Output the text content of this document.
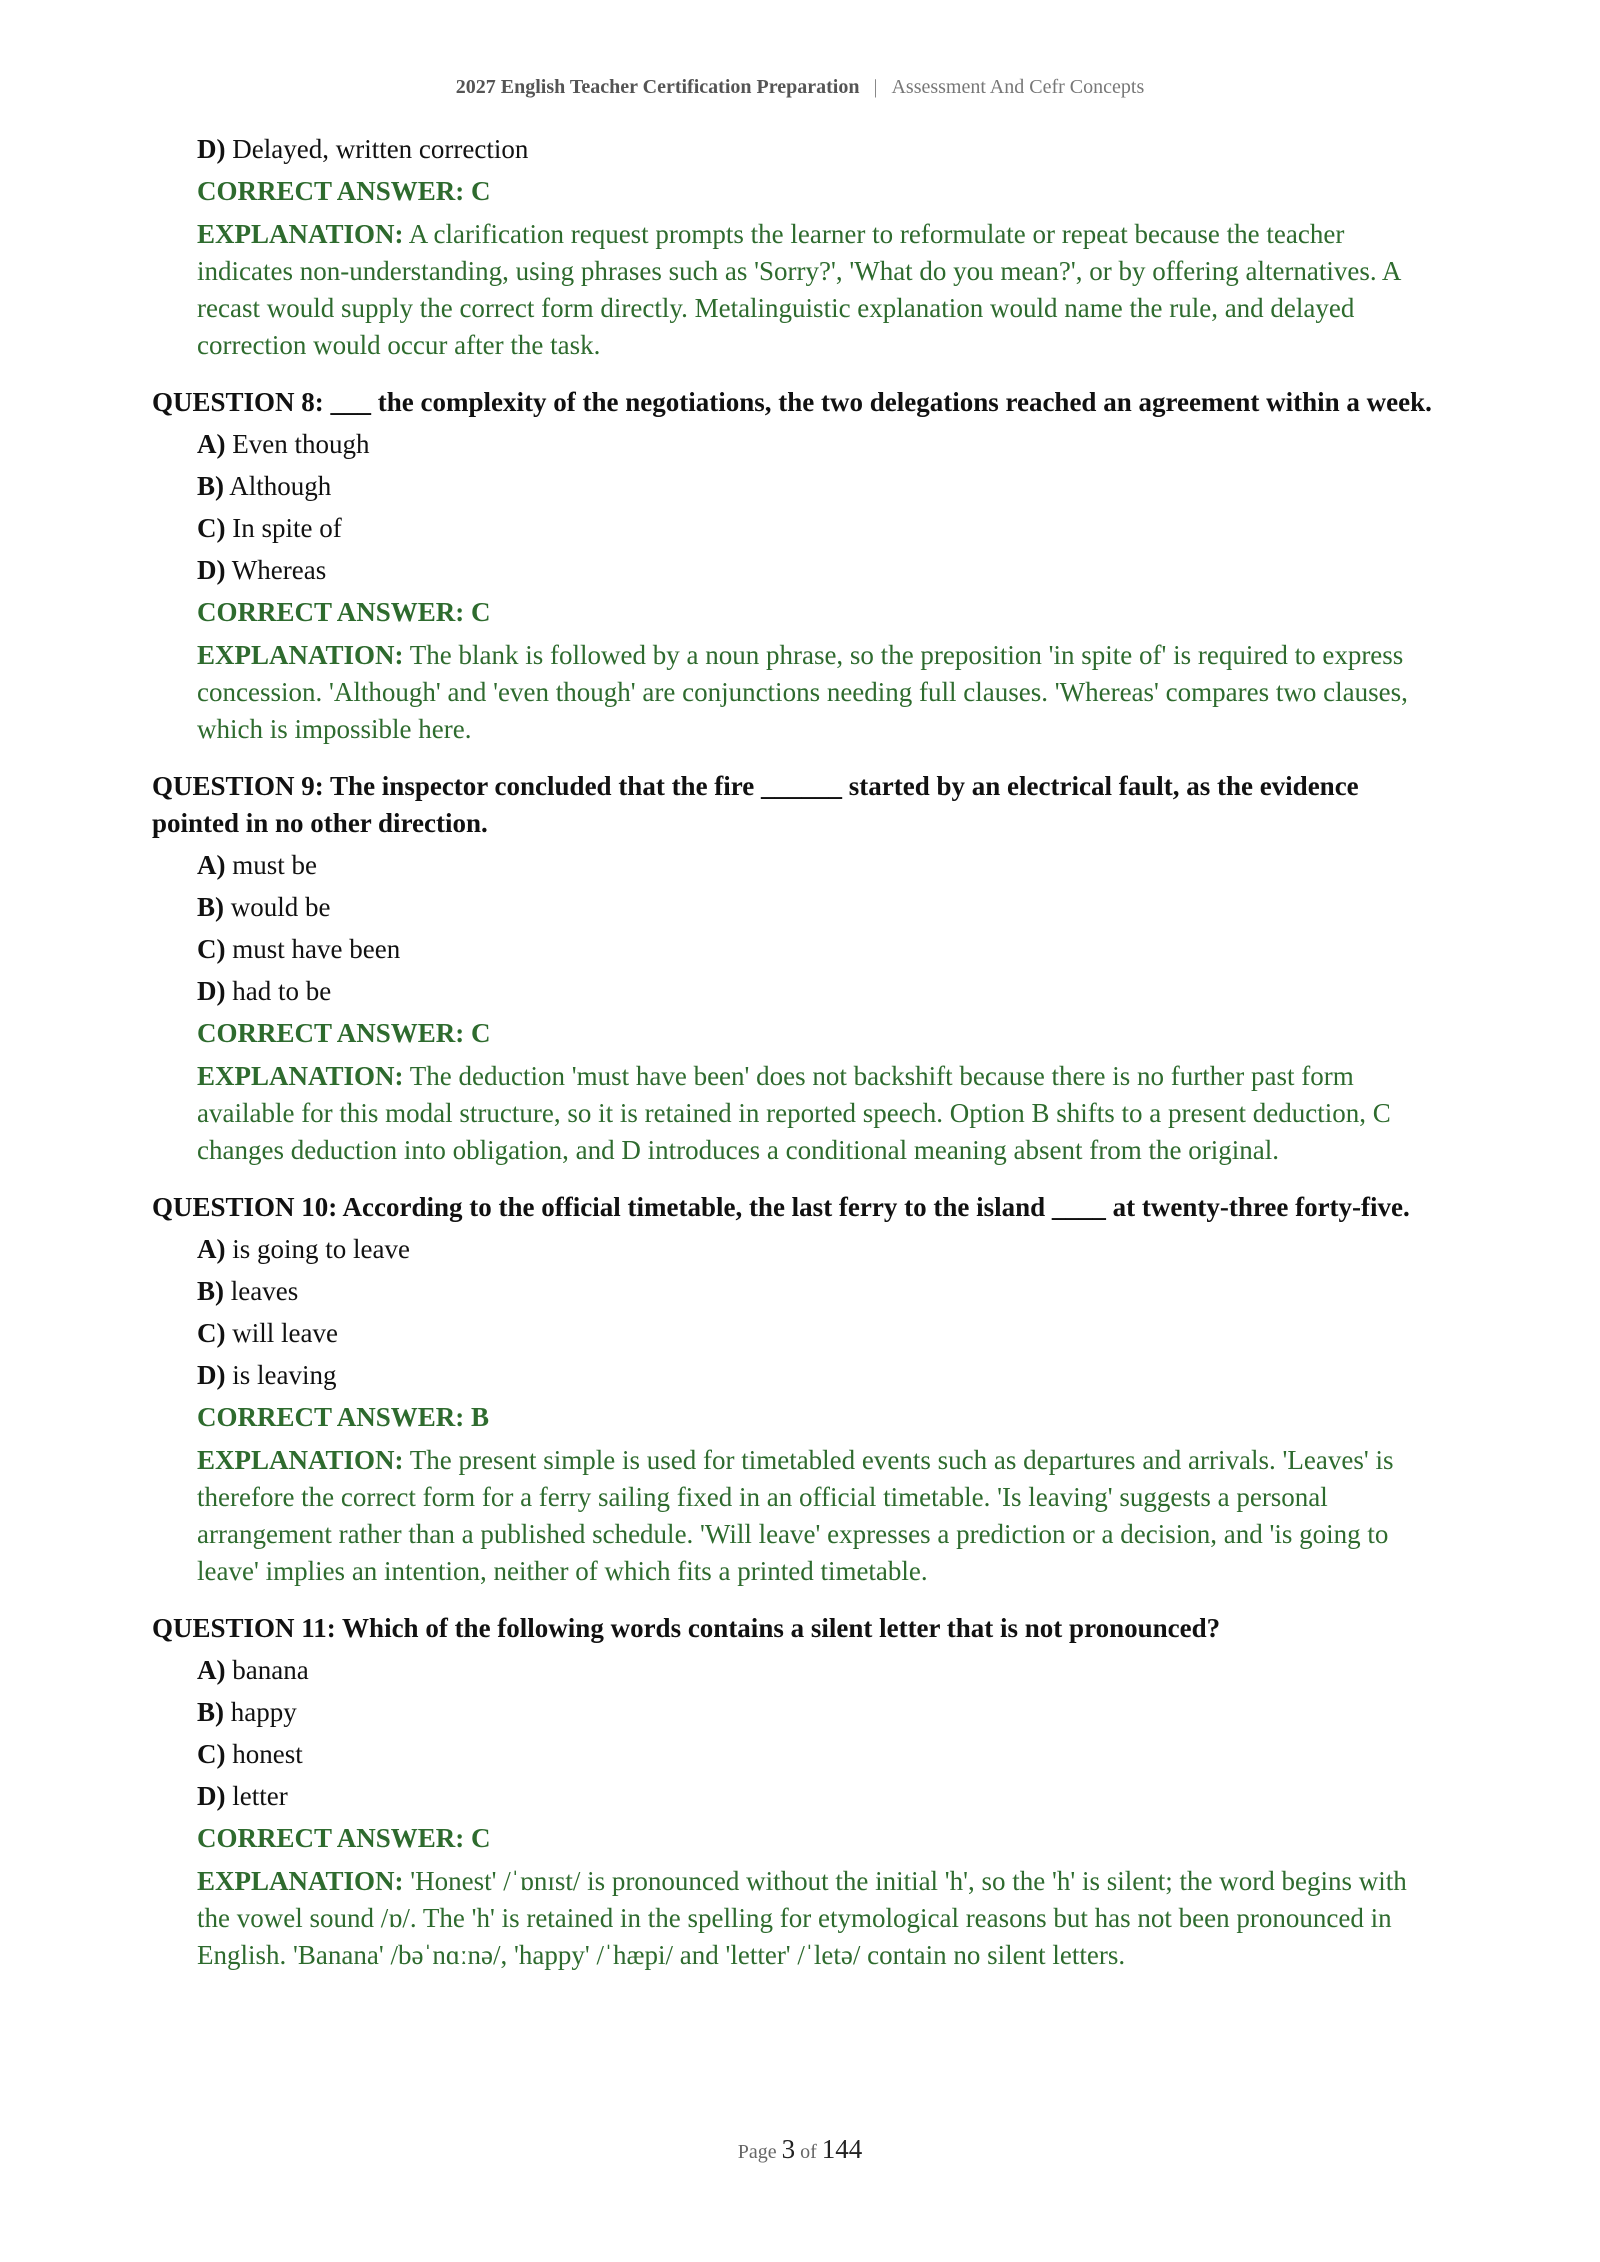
2027 English Teacher Certification Preparation | Assessment And Cefr Concepts
D) Delayed, written correction
CORRECT ANSWER: C
EXPLANATION: A clarification request prompts the learner to reformulate or repeat because the teacher indicates non-understanding, using phrases such as 'Sorry?', 'What do you mean?', or by offering alternatives. A recast would supply the correct form directly. Metalinguistic explanation would name the rule, and delayed correction would occur after the task.
QUESTION 8: ___ the complexity of the negotiations, the two delegations reached an agreement within a week.
A) Even though
B) Although
C) In spite of
D) Whereas
CORRECT ANSWER: C
EXPLANATION: The blank is followed by a noun phrase, so the preposition 'in spite of' is required to express concession. 'Although' and 'even though' are conjunctions needing full clauses. 'Whereas' compares two clauses, which is impossible here.
QUESTION 9: The inspector concluded that the fire ______ started by an electrical fault, as the evidence pointed in no other direction.
A) must be
B) would be
C) must have been
D) had to be
CORRECT ANSWER: C
EXPLANATION: The deduction 'must have been' does not backshift because there is no further past form available for this modal structure, so it is retained in reported speech. Option B shifts to a present deduction, C changes deduction into obligation, and D introduces a conditional meaning absent from the original.
QUESTION 10: According to the official timetable, the last ferry to the island ____ at twenty-three forty-five.
A) is going to leave
B) leaves
C) will leave
D) is leaving
CORRECT ANSWER: B
EXPLANATION: The present simple is used for timetabled events such as departures and arrivals. 'Leaves' is therefore the correct form for a ferry sailing fixed in an official timetable. 'Is leaving' suggests a personal arrangement rather than a published schedule. 'Will leave' expresses a prediction or a decision, and 'is going to leave' implies an intention, neither of which fits a printed timetable.
QUESTION 11: Which of the following words contains a silent letter that is not pronounced?
A) banana
B) happy
C) honest
D) letter
CORRECT ANSWER: C
EXPLANATION: 'Honest' /ˈɒnɪst/ is pronounced without the initial 'h', so the 'h' is silent; the word begins with the vowel sound /ɒ/. The 'h' is retained in the spelling for etymological reasons but has not been pronounced in English. 'Banana' /bəˈnɑːnə/, 'happy' /ˈhæpi/ and 'letter' /ˈletə/ contain no silent letters.
Page 3 of 144
